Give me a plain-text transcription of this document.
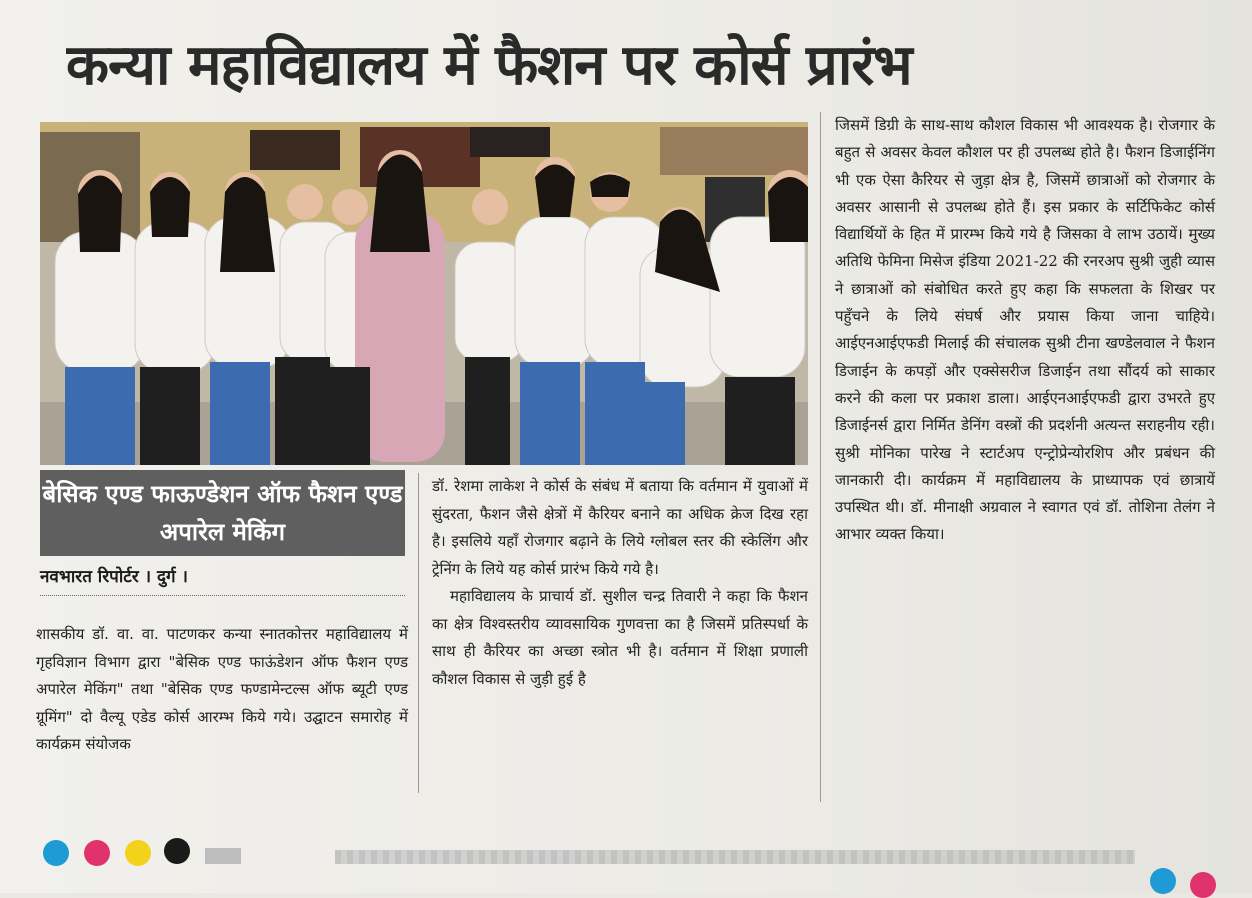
कन्या महाविद्यालय में फैशन पर कोर्स प्रारंभ
बेसिक एण्ड फाऊण्डेशन ऑफ फैशन एण्ड अपारेल मेकिंग
नवभारत रिपोर्टर । दुर्ग ।

शासकीय डॉ. वा. वा. पाटणकर कन्या स्नातकोत्तर महाविद्यालय में गृहविज्ञान विभाग द्वारा "बेसिक एण्ड फाऊंडेशन ऑफ फैशन एण्ड अपारेल मेकिंग" तथा "बेसिक एण्ड फण्डामेन्टल्स ऑफ ब्यूटी एण्ड ग्रूमिंग" दो वैल्यू एडेड कोर्स आरम्भ किये गये। उद्घाटन समारोह में कार्यक्रम संयोजक

डॉ. रेशमा लाकेश ने कोर्स के संबंध में बताया कि वर्तमान में युवाओं में सुंदरता, फैशन जैसे क्षेत्रों में कैरियर बनाने का अधिक क्रेज दिख रहा है। इसलिये यहाँ रोजगार बढ़ाने के लिये ग्लोबल स्तर की स्केलिंग और ट्रेनिंग के लिये यह कोर्स प्रारंभ किये गये है।

महाविद्यालय के प्राचार्य डॉ. सुशील चन्द्र तिवारी ने कहा कि फैशन का क्षेत्र विश्वस्तरीय व्यावसायिक गुणवत्ता का है जिसमें प्रतिस्पर्धा के साथ ही कैरियर का अच्छा स्त्रोत भी है। वर्तमान में शिक्षा प्रणाली कौशल विकास से जुड़ी हुई है

जिसमें डिग्री के साथ-साथ कौशल विकास भी आवश्यक है। रोजगार के बहुत से अवसर केवल कौशल पर ही उपलब्ध होते है। फैशन डिजाईनिंग भी एक ऐसा कैरियर से जुड़ा क्षेत्र है, जिसमें छात्राओं को रोजगार के अवसर आसानी से उपलब्ध होते हैं। इस प्रकार के सर्टिफिकेट कोर्स विद्यार्थियों के हित में प्रारम्भ किये गये है जिसका वे लाभ उठायें। मुख्य अतिथि फेमिना मिसेज इंडिया 2021-22 की रनरअप सुश्री जुही व्यास ने छात्राओं को संबोधित करते हुए कहा कि सफलता के शिखर पर पहुँचने के लिये संघर्ष और प्रयास किया जाना चाहिये। आईएनआईएफडी मिलाई की संचालक सुश्री टीना खण्डेलवाल ने फैशन डिजाईन के कपड़ों और एक्सेसरीज डिजाईन तथा सौंदर्य को साकार करने की कला पर प्रकाश डाला। आईएनआईएफडी द्वारा उभरते हुए डिजाईनर्स द्वारा निर्मित डेनिंग वस्त्रों की प्रदर्शनी अत्यन्त सराहनीय रही। सुश्री मोनिका पारेख ने स्टार्टअप एन्ट्रोप्रेन्योरशिप और प्रबंधन की जानकारी दी। कार्यक्रम में महाविद्यालय के प्राध्यापक एवं छात्रायें उपस्थित थी। डॉ. मीनाक्षी अग्रवाल ने स्वागत एवं डॉ. तोशिना तेलंग ने आभार व्यक्त किया।
